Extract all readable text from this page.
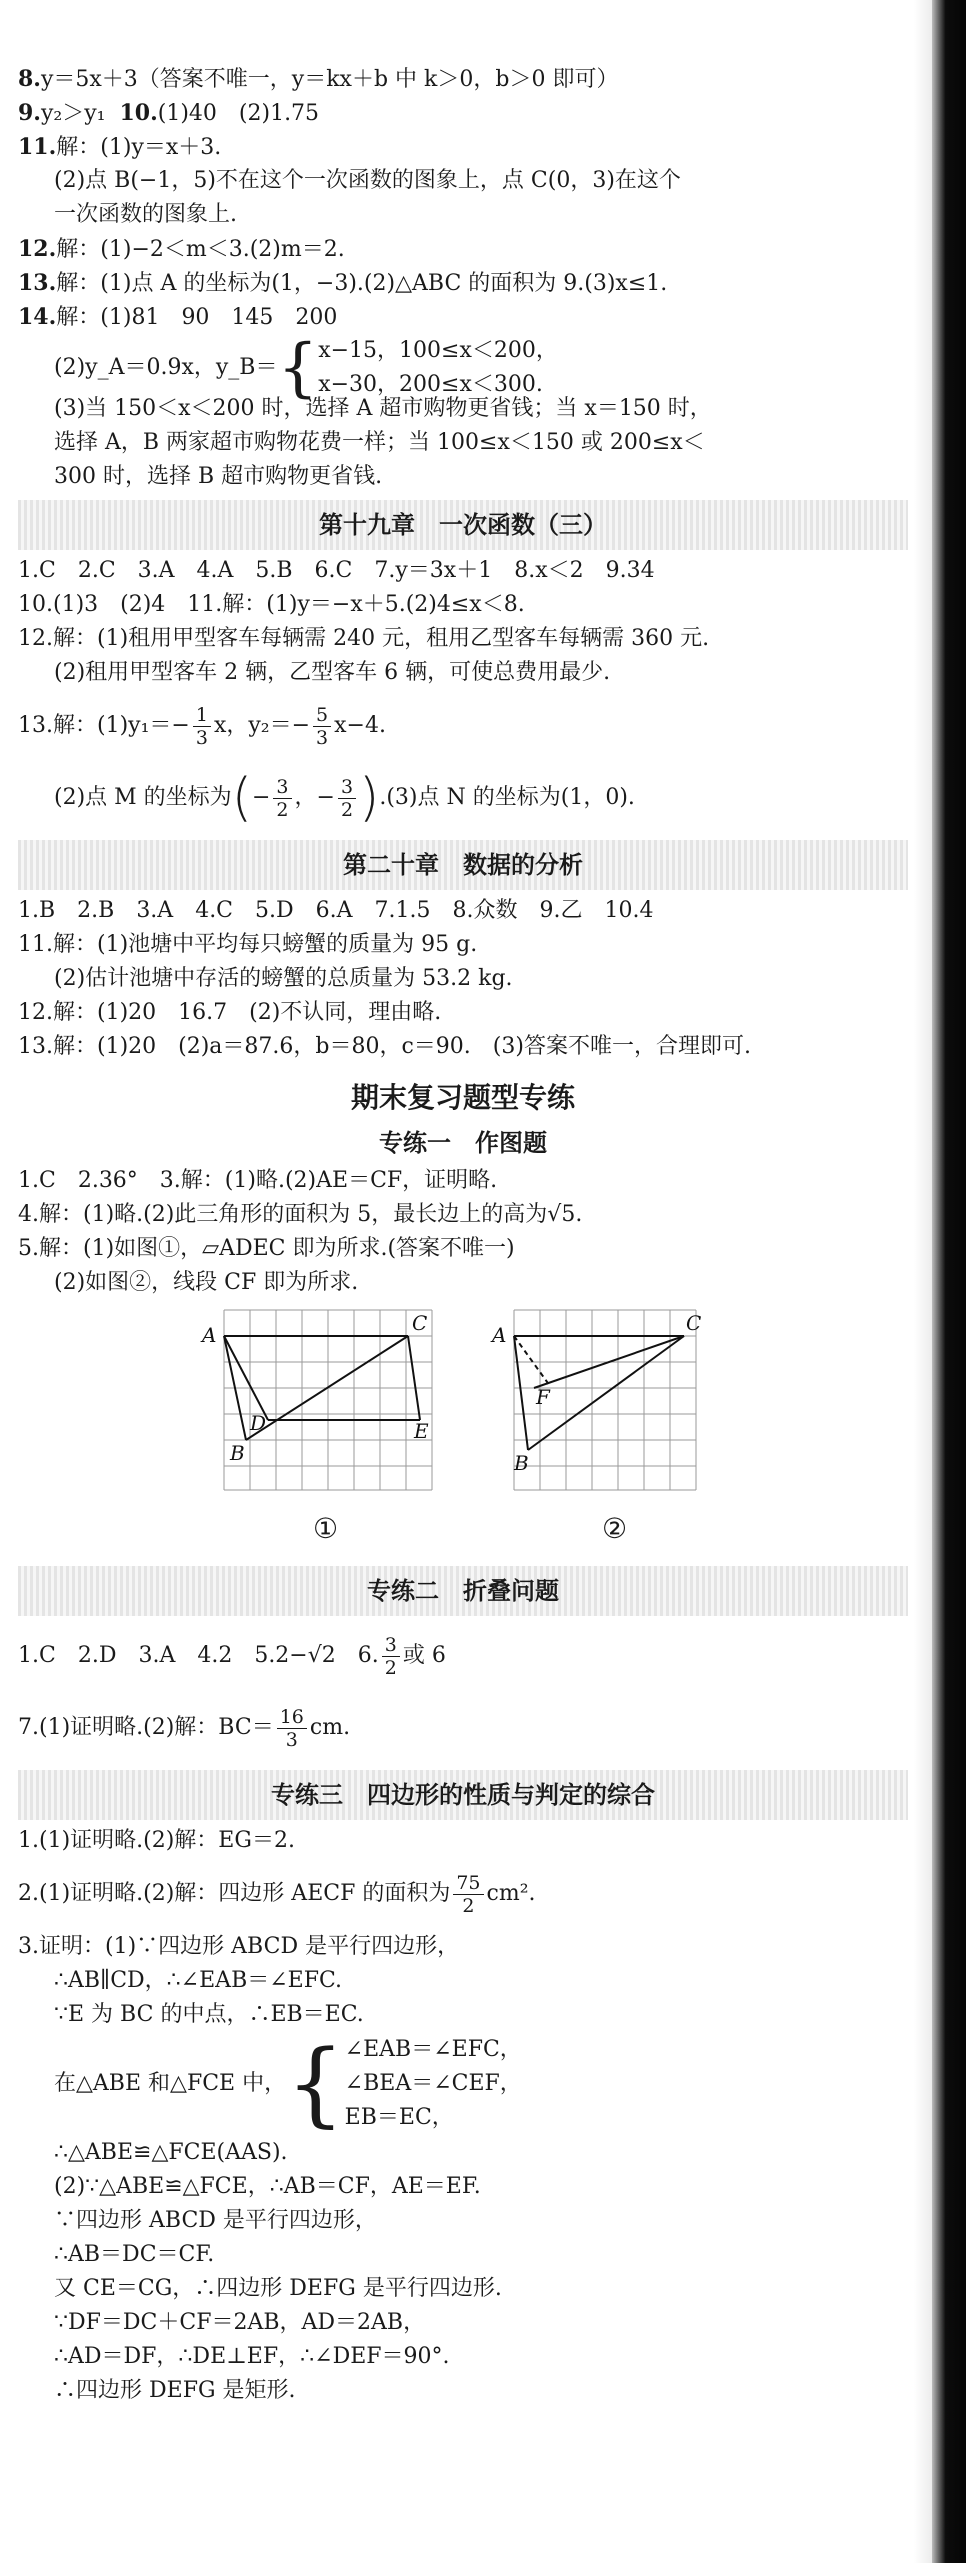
8.y＝5x＋3（答案不唯一，y＝kx＋b 中 k＞0，b＞0 即可）
9.y₂＞y₁ 10.(1)40　(2)1.75
11.解：(1)y＝x＋3.
(2)点 B(−1，5)不在这个一次函数的图象上，点 C(0，3)在这个
一次函数的图象上.
12.解：(1)−2＜m＜3.(2)m＝2.
13.解：(1)点 A 的坐标为(1，−3).(2)△ABC 的面积为 9.(3)x≤1.
14.解：(1)81　90　145　200
(2)y_A＝0.9x，y_B＝ { x−15，100≤x＜200，
x−30，200≤x＜300.
(3)当 150＜x＜200 时，选择 A 超市购物更省钱；当 x＝150 时，
选择 A，B 两家超市购物花费一样；当 100≤x＜150 或 200≤x＜
300 时，选择 B 超市购物更省钱.
第十九章　一次函数（三）
1.C　2.C　3.A　4.A　5.B　6.C　7.y＝3x＋1　8.x＜2　9.34
10.(1)3　(2)4　11.解：(1)y＝−x＋5.(2)4≤x＜8.
12.解：(1)租用甲型客车每辆需 240 元，租用乙型客车每辆需 360 元.
(2)租用甲型客车 2 辆，乙型客车 6 辆，可使总费用最少.
13.解：$(1)y_1=- \frac{1}{3}$ x，$y_2=- \frac{5}{3} x-4$.
(2)点 M 的坐标为 ( − $\frac{3}{2}$ ，− $\frac{3}{2}$ ) .(3)点 N 的坐标为(1，0).
第二十章　数据的分析
1.B　2.B　3.A　4.C　5.D　6.A　7.1.5　8.众数　9.乙　10.4
11.解：(1)池塘中平均每只螃蟹的质量为 95 g.
(2)估计池塘中存活的螃蟹的总质量为 53.2 kg.
12.解：(1)20　16.7　(2)不认同，理由略.
13.解：(1)20　(2)a＝87.6，b＝80，c＝90.　(3)答案不唯一，合理即可.
期末复习题型专练
专练一　作图题
1.C　2.36°　3.解：(1)略.(2)AE＝CF，证明略.
4.解：(1)略.(2)此三角形的面积为 5，最长边上的高为√5.
5.解：(1)如图①，▱ADEC 即为所求.(答案不唯一)
(2)如图②，线段 CF 即为所求.
A	C
D	E
B
①
A	C
F
B
②
专练二　折叠问题
1.C　2.D　3.A　4.2　5.2−√2　6. $\frac{3}{2}$ 或 6
7.(1)证明略.(2)解：$BC= \frac{16}{3}$ cm.
专练三　四边形的性质与判定的综合
1.(1)证明略.(2)解：EG＝2.
2.(1)证明略.(2)解：四边形 AECF 的面积为 $\frac{75}{2} cm^2$.
3.证明：(1)∵四边形 ABCD 是平行四边形，
∴AB∥CD，∴∠EAB＝∠EFC.
∵E 为 BC 的中点，∴EB＝EC.
在△ABE 和△FCE 中， { ∠EAB＝∠EFC，
∠BEA＝∠CEF，
EB＝EC，
∴△ABE≌△FCE(AAS).
(2)∵△ABE≌△FCE，∴AB＝CF，AE＝EF.
∵四边形 ABCD 是平行四边形，
∴AB＝DC＝CF.
又 CE＝CG，∴四边形 DEFG 是平行四边形.
∵DF＝DC＋CF＝2AB，AD＝2AB，
∴AD＝DF，∴DE⊥EF，∴∠DEF＝90°.
∴四边形 DEFG 是矩形.
